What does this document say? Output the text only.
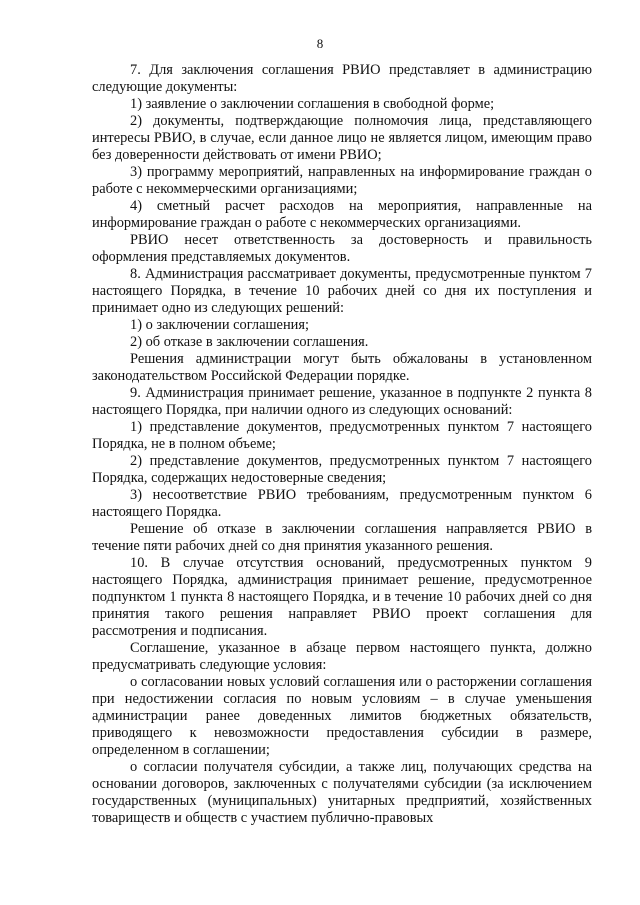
8

7. Для заключения соглашения РВИО представляет в администрацию следующие документы:

1) заявление о заключении соглашения в свободной форме;

2) документы, подтверждающие полномочия лица, представляющего интересы РВИО, в случае, если данное лицо не является лицом, имеющим право без доверенности действовать от имени РВИО;

3) программу мероприятий, направленных на информирование граждан о работе с некоммерческими организациями;

4) сметный расчет расходов на мероприятия, направленные на информирование граждан о работе с некоммерческих организациями.

РВИО несет ответственность за достоверность и правильность оформления представляемых документов.

8. Администрация рассматривает документы, предусмотренные пунктом 7 настоящего Порядка, в течение 10 рабочих дней со дня их поступления и принимает одно из следующих решений:

1) о заключении соглашения;

2) об отказе в заключении соглашения.

Решения администрации могут быть обжалованы в установленном законодательством Российской Федерации порядке.

9. Администрация принимает решение, указанное в подпункте 2 пункта 8 настоящего Порядка, при наличии одного из следующих оснований:

1) представление документов, предусмотренных пунктом 7 настоящего Порядка, не в полном объеме;

2) представление документов, предусмотренных пунктом 7 настоящего Порядка, содержащих недостоверные сведения;

3) несоответствие РВИО требованиям, предусмотренным пунктом 6 настоящего Порядка.

Решение об отказе в заключении соглашения направляется РВИО в течение пяти рабочих дней со дня принятия указанного решения.

10. В случае отсутствия оснований, предусмотренных пунктом 9 настоящего Порядка, администрация принимает решение, предусмотренное подпунктом 1 пункта 8 настоящего Порядка, и в течение 10 рабочих дней со дня принятия такого решения направляет РВИО проект соглашения для рассмотрения и подписания.

Соглашение, указанное в абзаце первом настоящего пункта, должно предусматривать следующие условия:

о согласовании новых условий соглашения или о расторжении соглашения при недостижении согласия по новым условиям – в случае уменьшения администрации ранее доведенных лимитов бюджетных обязательств, приводящего к невозможности предоставления субсидии в размере, определенном в соглашении;

о согласии получателя субсидии, а также лиц, получающих средства на основании договоров, заключенных с получателями субсидии (за исключением государственных (муниципальных) унитарных предприятий, хозяйственных товариществ и обществ с участием публично-правовых
